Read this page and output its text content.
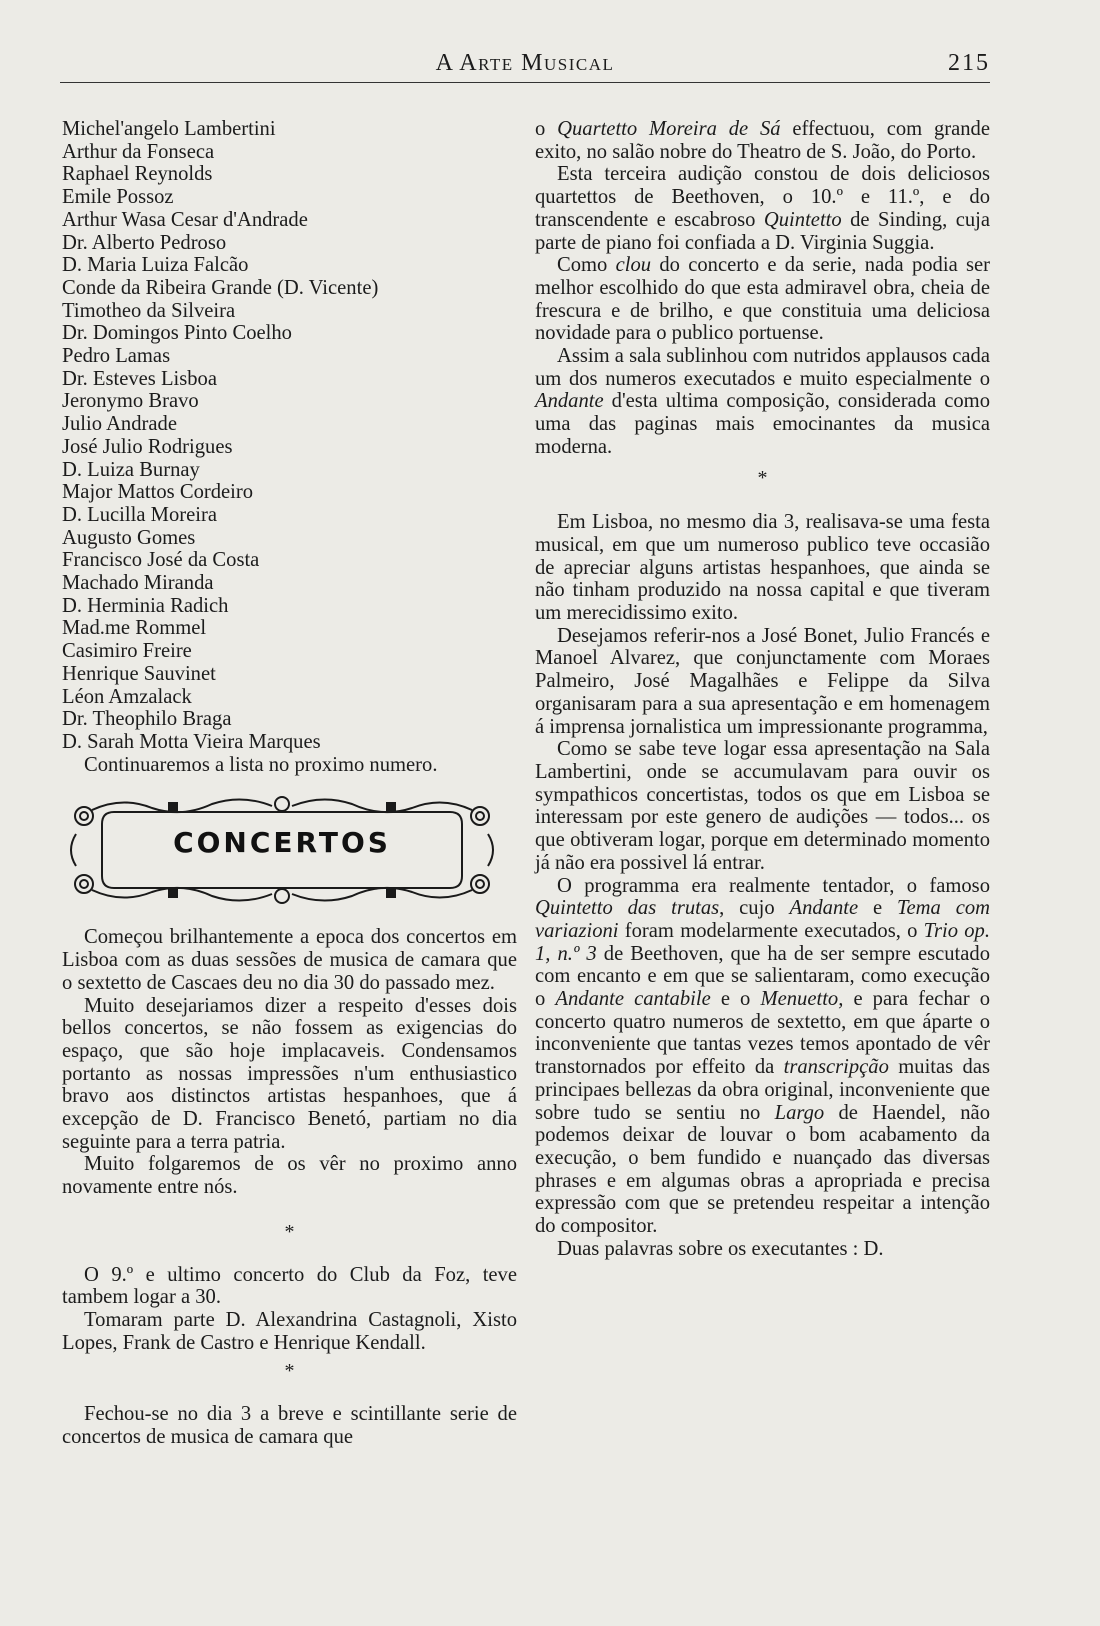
A Arte Musical	215
Michel'angelo Lambertini
Arthur da Fonseca
Raphael Reynolds
Emile Possoz
Arthur Wasa Cesar d'Andrade
Dr. Alberto Pedroso
D. Maria Luiza Falcão
Conde da Ribeira Grande (D. Vicente)
Timotheo da Silveira
Dr. Domingos Pinto Coelho
Pedro Lamas
Dr. Esteves Lisboa
Jeronymo Bravo
Julio Andrade
José Julio Rodrigues
D. Luiza Burnay
Major Mattos Cordeiro
D. Lucilla Moreira
Augusto Gomes
Francisco José da Costa
Machado Miranda
D. Herminia Radich
Mad.me Rommel
Casimiro Freire
Henrique Sauvinet
Léon Amzalack
Dr. Theophilo Braga
D. Sarah Motta Vieira Marques
Continuaremos a lista no proximo numero.
CONCERTOS
Começou brilhantemente a epoca dos concertos em Lisboa com as duas sessões de musica de camara que o sextetto de Cascaes deu no dia 30 do passado mez.
Muito desejariamos dizer a respeito d'esses dois bellos concertos, se não fossem as exigencias do espaço, que são hoje implacaveis. Condensamos portanto as nossas impressões n'um enthusiastico bravo aos distinctos artistas hespanhoes, que á excepção de D. Francisco Benetó, partiam no dia seguinte para a terra patria.
Muito folgaremos de os vêr no proximo anno novamente entre nós.
*
O 9.º e ultimo concerto do Club da Foz, teve tambem logar a 30.
Tomaram parte D. Alexandrina Castagnoli, Xisto Lopes, Frank de Castro e Henrique Kendall.
*
Fechou-se no dia 3 a breve e scintillante serie de concertos de musica de camara que
o Quartetto Moreira de Sá effectuou, com grande exito, no salão nobre do Theatro de S. João, do Porto.
Esta terceira audição constou de dois deliciosos quartettos de Beethoven, o 10.º e 11.º, e do transcendente e escabroso Quintetto de Sinding, cuja parte de piano foi confiada a D. Virginia Suggia.
Como clou do concerto e da serie, nada podia ser melhor escolhido do que esta admiravel obra, cheia de frescura e de brilho, e que constituia uma deliciosa novidade para o publico portuense.
Assim a sala sublinhou com nutridos applausos cada um dos numeros executados e muito especialmente o Andante d'esta ultima composição, considerada como uma das paginas mais emocinantes da musica moderna.
*
Em Lisboa, no mesmo dia 3, realisava-se uma festa musical, em que um numeroso publico teve occasião de apreciar alguns artistas hespanhoes, que ainda se não tinham produzido na nossa capital e que tiveram um merecidissimo exito.
Desejamos referir-nos a José Bonet, Julio Francés e Manoel Alvarez, que conjunctamente com Moraes Palmeiro, José Magalhães e Felippe da Silva organisaram para a sua apresentação e em homenagem á imprensa jornalistica um impressionante programma,
Como se sabe teve logar essa apresentação na Sala Lambertini, onde se accumulavam para ouvir os sympathicos concertistas, todos os que em Lisboa se interessam por este genero de audições — todos... os que obtiveram logar, porque em determinado momento já não era possivel lá entrar.
O programma era realmente tentador, o famoso Quintetto das trutas, cujo Andante e Tema com variazioni foram modelarmente executados, o Trio op. 1, n.º 3 de Beethoven, que ha de ser sempre escutado com encanto e em que se salientaram, como execução o Andante cantabile e o Menuetto, e para fechar o concerto quatro numeros de sextetto, em que áparte o inconveniente que tantas vezes temos apontado de vêr transtornados por effeito da transcripção muitas das principaes bellezas da obra original, inconveniente que sobre tudo se sentiu no Largo de Haendel, não podemos deixar de louvar o bom acabamento da execução, o bem fundido e nuançado das diversas phrases e em algumas obras a apropriada e precisa expressão com que se pretendeu respeitar a intenção do compositor.
Duas palavras sobre os executantes : D.
